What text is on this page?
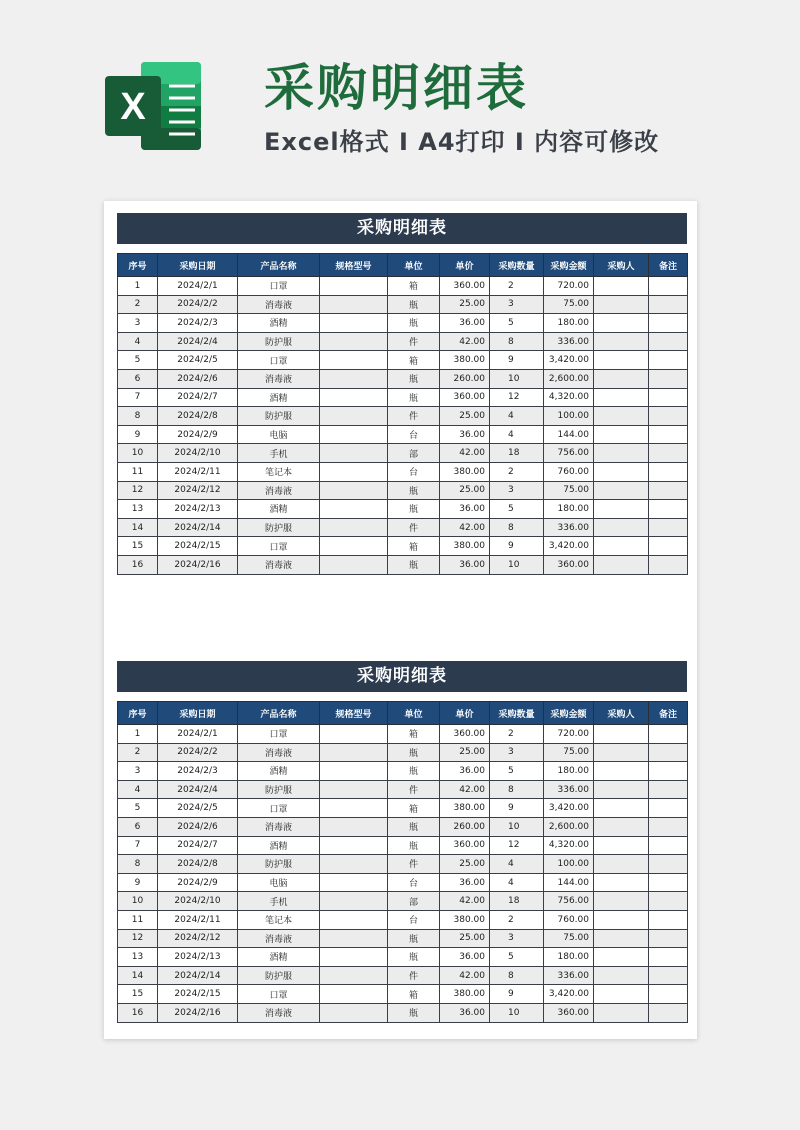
X 采购明细表
Excel格式 I A4打印 I 内容可修改
采购明细表
序号	采购日期	产品名称	规格型号	单位	单价	采购数量	采购金额	采购人	备注
1	2024/2/1	口罩		箱	360.00	2	720.00		
2	2024/2/2	消毒液		瓶	25.00	3	75.00		
3	2024/2/3	酒精		瓶	36.00	5	180.00		
4	2024/2/4	防护服		件	42.00	8	336.00		
5	2024/2/5	口罩		箱	380.00	9	3,420.00		
6	2024/2/6	消毒液		瓶	260.00	10	2,600.00		
7	2024/2/7	酒精		瓶	360.00	12	4,320.00		
8	2024/2/8	防护服		件	25.00	4	100.00		
9	2024/2/9	电脑		台	36.00	4	144.00		
10	2024/2/10	手机		部	42.00	18	756.00		
11	2024/2/11	笔记本		台	380.00	2	760.00		
12	2024/2/12	消毒液		瓶	25.00	3	75.00		
13	2024/2/13	酒精		瓶	36.00	5	180.00		
14	2024/2/14	防护服		件	42.00	8	336.00		
15	2024/2/15	口罩		箱	380.00	9	3,420.00		
16	2024/2/16	消毒液		瓶	36.00	10	360.00		
采购明细表
序号	采购日期	产品名称	规格型号	单位	单价	采购数量	采购金额	采购人	备注
1	2024/2/1	口罩		箱	360.00	2	720.00		
2	2024/2/2	消毒液		瓶	25.00	3	75.00		
3	2024/2/3	酒精		瓶	36.00	5	180.00		
4	2024/2/4	防护服		件	42.00	8	336.00		
5	2024/2/5	口罩		箱	380.00	9	3,420.00		
6	2024/2/6	消毒液		瓶	260.00	10	2,600.00		
7	2024/2/7	酒精		瓶	360.00	12	4,320.00		
8	2024/2/8	防护服		件	25.00	4	100.00		
9	2024/2/9	电脑		台	36.00	4	144.00		
10	2024/2/10	手机		部	42.00	18	756.00		
11	2024/2/11	笔记本		台	380.00	2	760.00		
12	2024/2/12	消毒液		瓶	25.00	3	75.00		
13	2024/2/13	酒精		瓶	36.00	5	180.00		
14	2024/2/14	防护服		件	42.00	8	336.00		
15	2024/2/15	口罩		箱	380.00	9	3,420.00		
16	2024/2/16	消毒液		瓶	36.00	10	360.00		
